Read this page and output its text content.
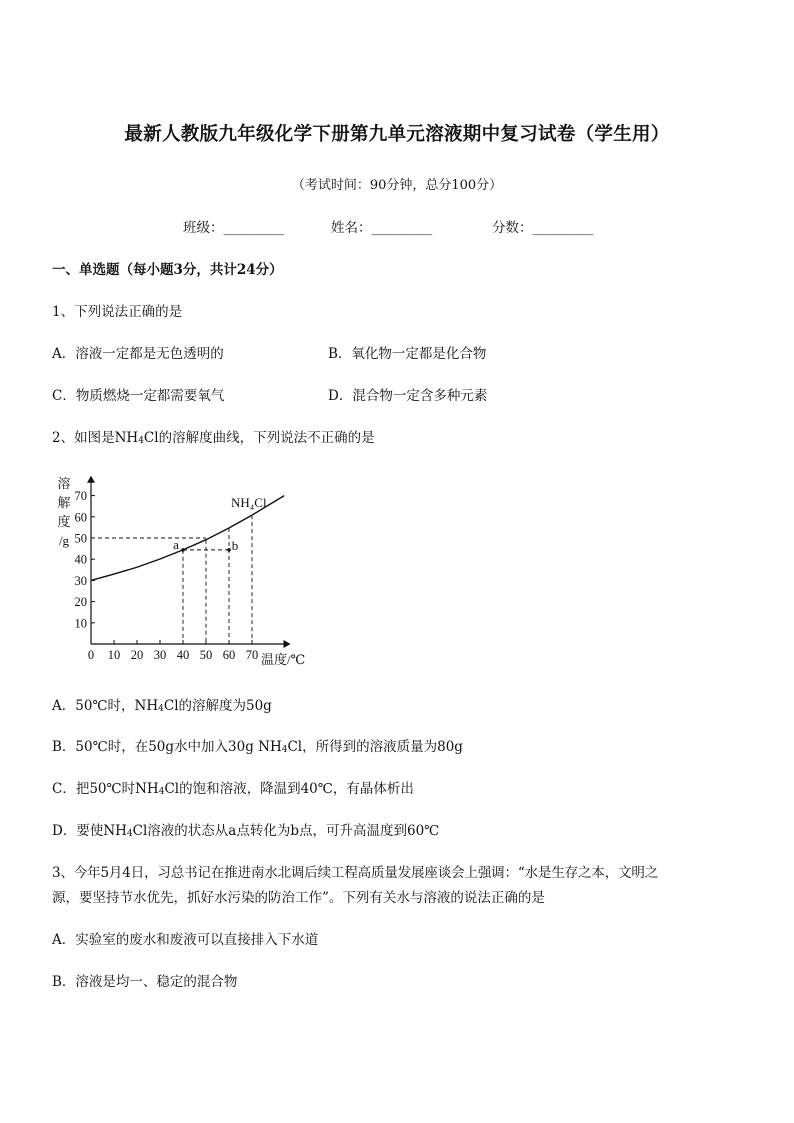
最新人教版九年级化学下册第九单元溶液期中复习试卷（学生用）
（考试时间：90分钟，总分100分）
班级：_________	姓名：_________	分数：_________
一、单选题（每小题3分，共计24分）
1、下列说法正确的是
A．溶液一定都是无色透明的	B．氧化物一定都是化合物
C．物质燃烧一定都需要氧气	D．混合物一定含多种元素
2、如图是$NH_4Cl$的溶解度曲线，下列说法不正确的是
0 10 20 30 40 50 60 70
10
20
30
40
50
60
70
a	b
溶
解
度
/g
温度/℃
NH₄Cl
A．50℃时，$NH_4Cl$的溶解度为50g
B．50℃时，在50g水中加入30g $NH_4Cl$，所得到的溶液质量为80g
C．把50℃时$NH_4Cl$的饱和溶液，降温到40℃，有晶体析出
D．要使$NH_4Cl$溶液的状态从a点转化为b点，可升高温度到60℃
3、今年5月4日，习总书记在推进南水北调后续工程高质量发展座谈会上强调：“水是生存之本，文明之
源，要坚持节水优先，抓好水污染的防治工作”。下列有关水与溶液的说法正确的是
A．实验室的废水和废液可以直接排入下水道
B．溶液是均一、稳定的混合物
